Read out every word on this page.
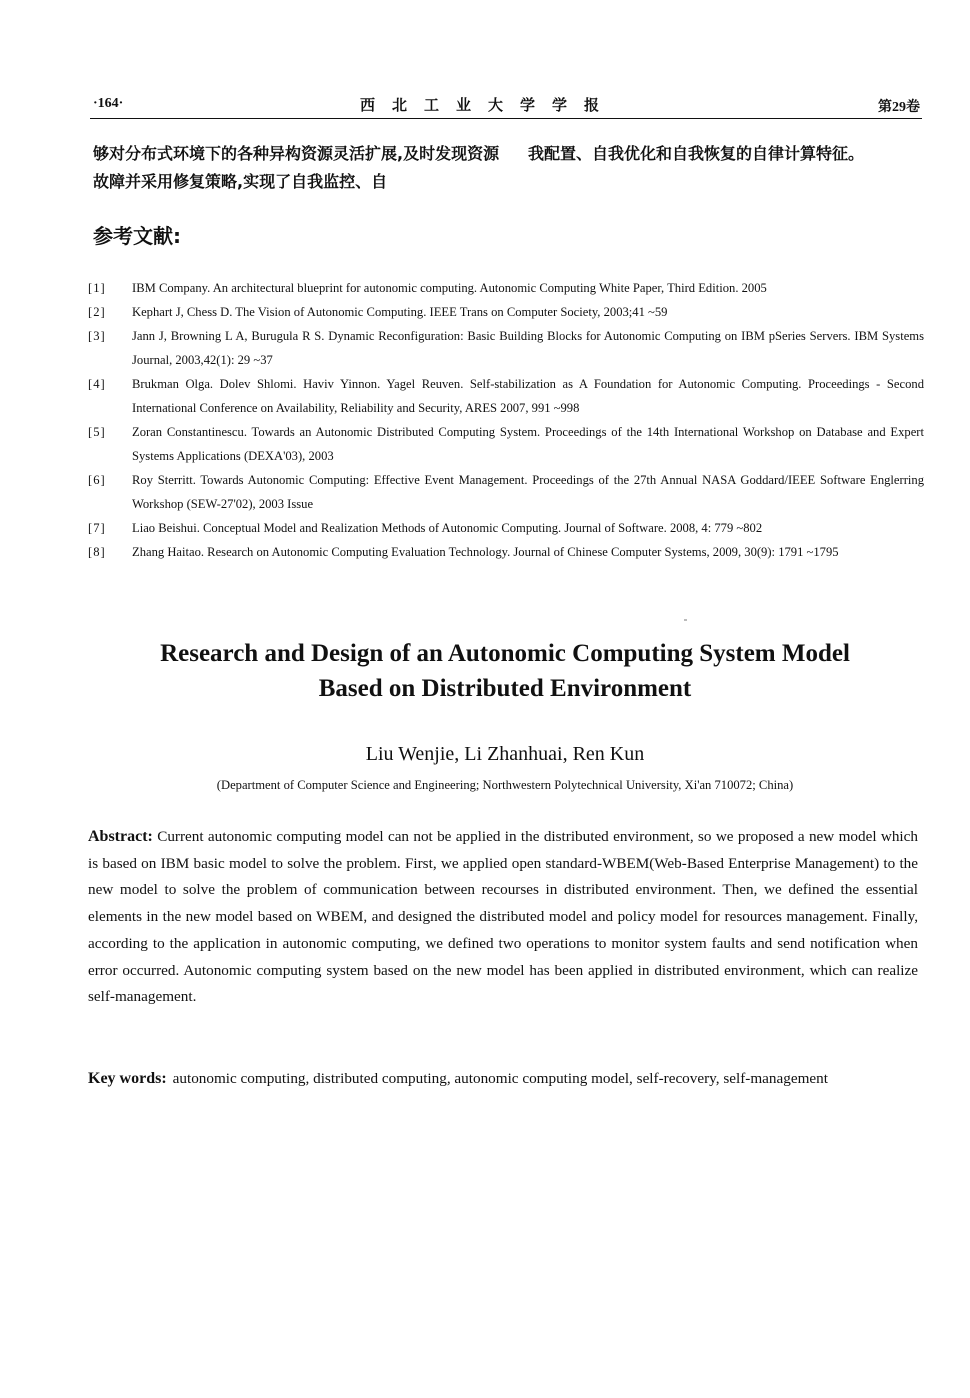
·164·	西北工业大学学报	第29卷
够对分布式环境下的各种异构资源灵活扩展,及时发现资源故障并采用修复策略,实现了自我监控、自
我配置、自我优化和自我恢复的自律计算特征。
参考文献:
[1]	IBM Company. An architectural blueprint for autonomic computing. Autonomic Computing White Paper, Third Edition. 2005
[2]	Kephart J, Chess D. The Vision of Autonomic Computing. IEEE Trans on Computer Society, 2003;41 ~59
[3]	Jann J, Browning L A, Burugula R S. Dynamic Reconfiguration: Basic Building Blocks for Autonomic Computing on IBM pSeries Servers. IBM Systems Journal, 2003,42(1): 29 ~37
[4]	Brukman Olga. Dolev Shlomi. Haviv Yinnon. Yagel Reuven. Self-stabilization as A Foundation for Autonomic Computing. Proceedings - Second International Conference on Availability, Reliability and Security, ARES 2007, 991 ~998
[5]	Zoran Constantinescu. Towards an Autonomic Distributed Computing System. Proceedings of the 14th International Workshop on Database and Expert Systems Applications (DEXA'03), 2003
[6]	Roy Sterritt. Towards Autonomic Computing: Effective Event Management. Proceedings of the 27th Annual NASA Goddard/IEEE Software Englerring Workshop (SEW-27'02), 2003 Issue
[7]	Liao Beishui. Conceptual Model and Realization Methods of Autonomic Computing. Journal of Software. 2008, 4: 779 ~802
[8]	Zhang Haitao. Research on Autonomic Computing Evaluation Technology. Journal of Chinese Computer Systems, 2009, 30(9): 1791 ~1795
Research and Design of an Autonomic Computing System Model
Based on Distributed Environment
Liu Wenjie, Li Zhanhuai, Ren Kun
(Department of Computer Science and Engineering; Northwestern Polytechnical University, Xi'an 710072; China)
Abstract: Current autonomic computing model can not be applied in the distributed environment, so we proposed a new model which is based on IBM basic model to solve the problem. First, we applied open standard-WBEM(Web-Based Enterprise Management) to the new model to solve the problem of communication between recourses in distributed environment. Then, we defined the essential elements in the new model based on WBEM, and designed the distributed model and policy model for resources management. Finally, according to the application in autonomic computing, we defined two operations to monitor system faults and send notification when error occurred. Autonomic computing system based on the new model has been applied in distributed environment, which can realize self-management.
Key words: autonomic computing, distributed computing, autonomic computing model, self-recovery, self-management
